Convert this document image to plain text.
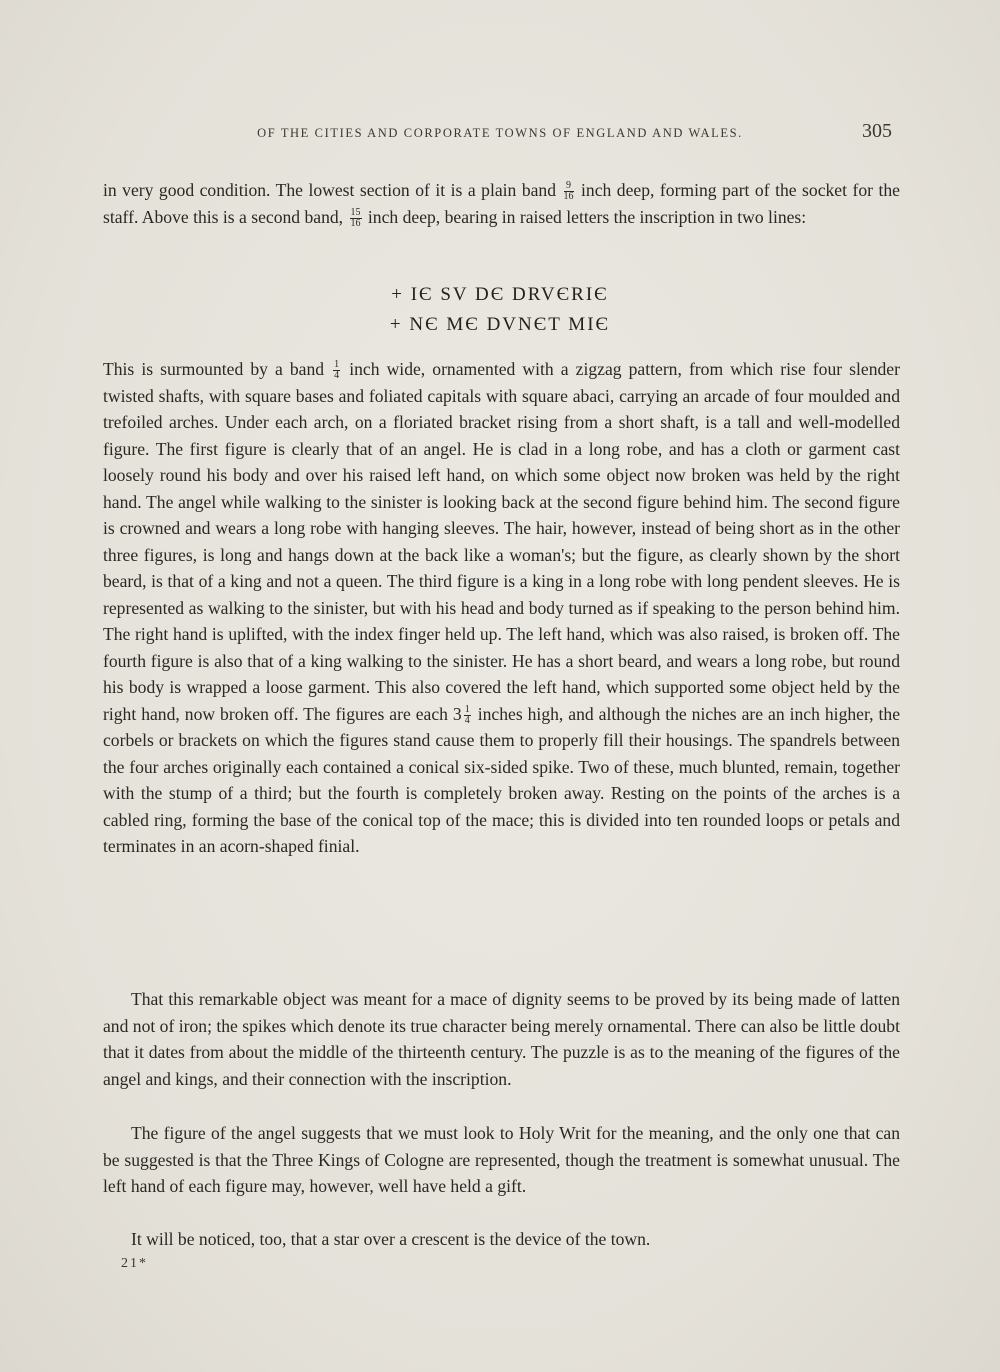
OF THE CITIES AND CORPORATE TOWNS OF ENGLAND AND WALES.	305

in very good condition. The lowest section of it is a plain band $\frac{9}{16}$ inch deep, forming part of the socket for the staff. Above this is a second band, $\frac{15}{16}$ inch deep, bearing in raised letters the inscription in two lines:

+ IЄ SV DЄ DRVЄRIЄ
+ NЄ MЄ DVNЄT MIЄ

This is surmounted by a band $\frac{1}{4}$ inch wide, ornamented with a zigzag pattern, from which rise four slender twisted shafts, with square bases and foliated capitals with square abaci, carrying an arcade of four moulded and trefoiled arches. Under each arch, on a floriated bracket rising from a short shaft, is a tall and well-modelled figure. The first figure is clearly that of an angel. He is clad in a long robe, and has a cloth or garment cast loosely round his body and over his raised left hand, on which some object now broken was held by the right hand. The angel while walking to the sinister is looking back at the second figure behind him. The second figure is crowned and wears a long robe with hanging sleeves. The hair, however, instead of being short as in the other three figures, is long and hangs down at the back like a woman's; but the figure, as clearly shown by the short beard, is that of a king and not a queen. The third figure is a king in a long robe with long pendent sleeves. He is represented as walking to the sinister, but with his head and body turned as if speaking to the person behind him. The right hand is uplifted, with the index finger held up. The left hand, which was also raised, is broken off. The fourth figure is also that of a king walking to the sinister. He has a short beard, and wears a long robe, but round his body is wrapped a loose garment. This also covered the left hand, which supported some object held by the right hand, now broken off. The figures are each $3 \frac{1}{4}$ inches high, and although the niches are an inch higher, the corbels or brackets on which the figures stand cause them to properly fill their housings. The spandrels between the four arches originally each contained a conical six-sided spike. Two of these, much blunted, remain, together with the stump of a third; but the fourth is completely broken away. Resting on the points of the arches is a cabled ring, forming the base of the conical top of the mace; this is divided into ten rounded loops or petals and terminates in an acorn-shaped finial.

That this remarkable object was meant for a mace of dignity seems to be proved by its being made of latten and not of iron; the spikes which denote its true character being merely ornamental. There can also be little doubt that it dates from about the middle of the thirteenth century. The puzzle is as to the meaning of the figures of the angel and kings, and their connection with the inscription.

The figure of the angel suggests that we must look to Holy Writ for the meaning, and the only one that can be suggested is that the Three Kings of Cologne are represented, though the treatment is somewhat unusual. The left hand of each figure may, however, well have held a gift.

It will be noticed, too, that a star over a crescent is the device of the town.

21*
